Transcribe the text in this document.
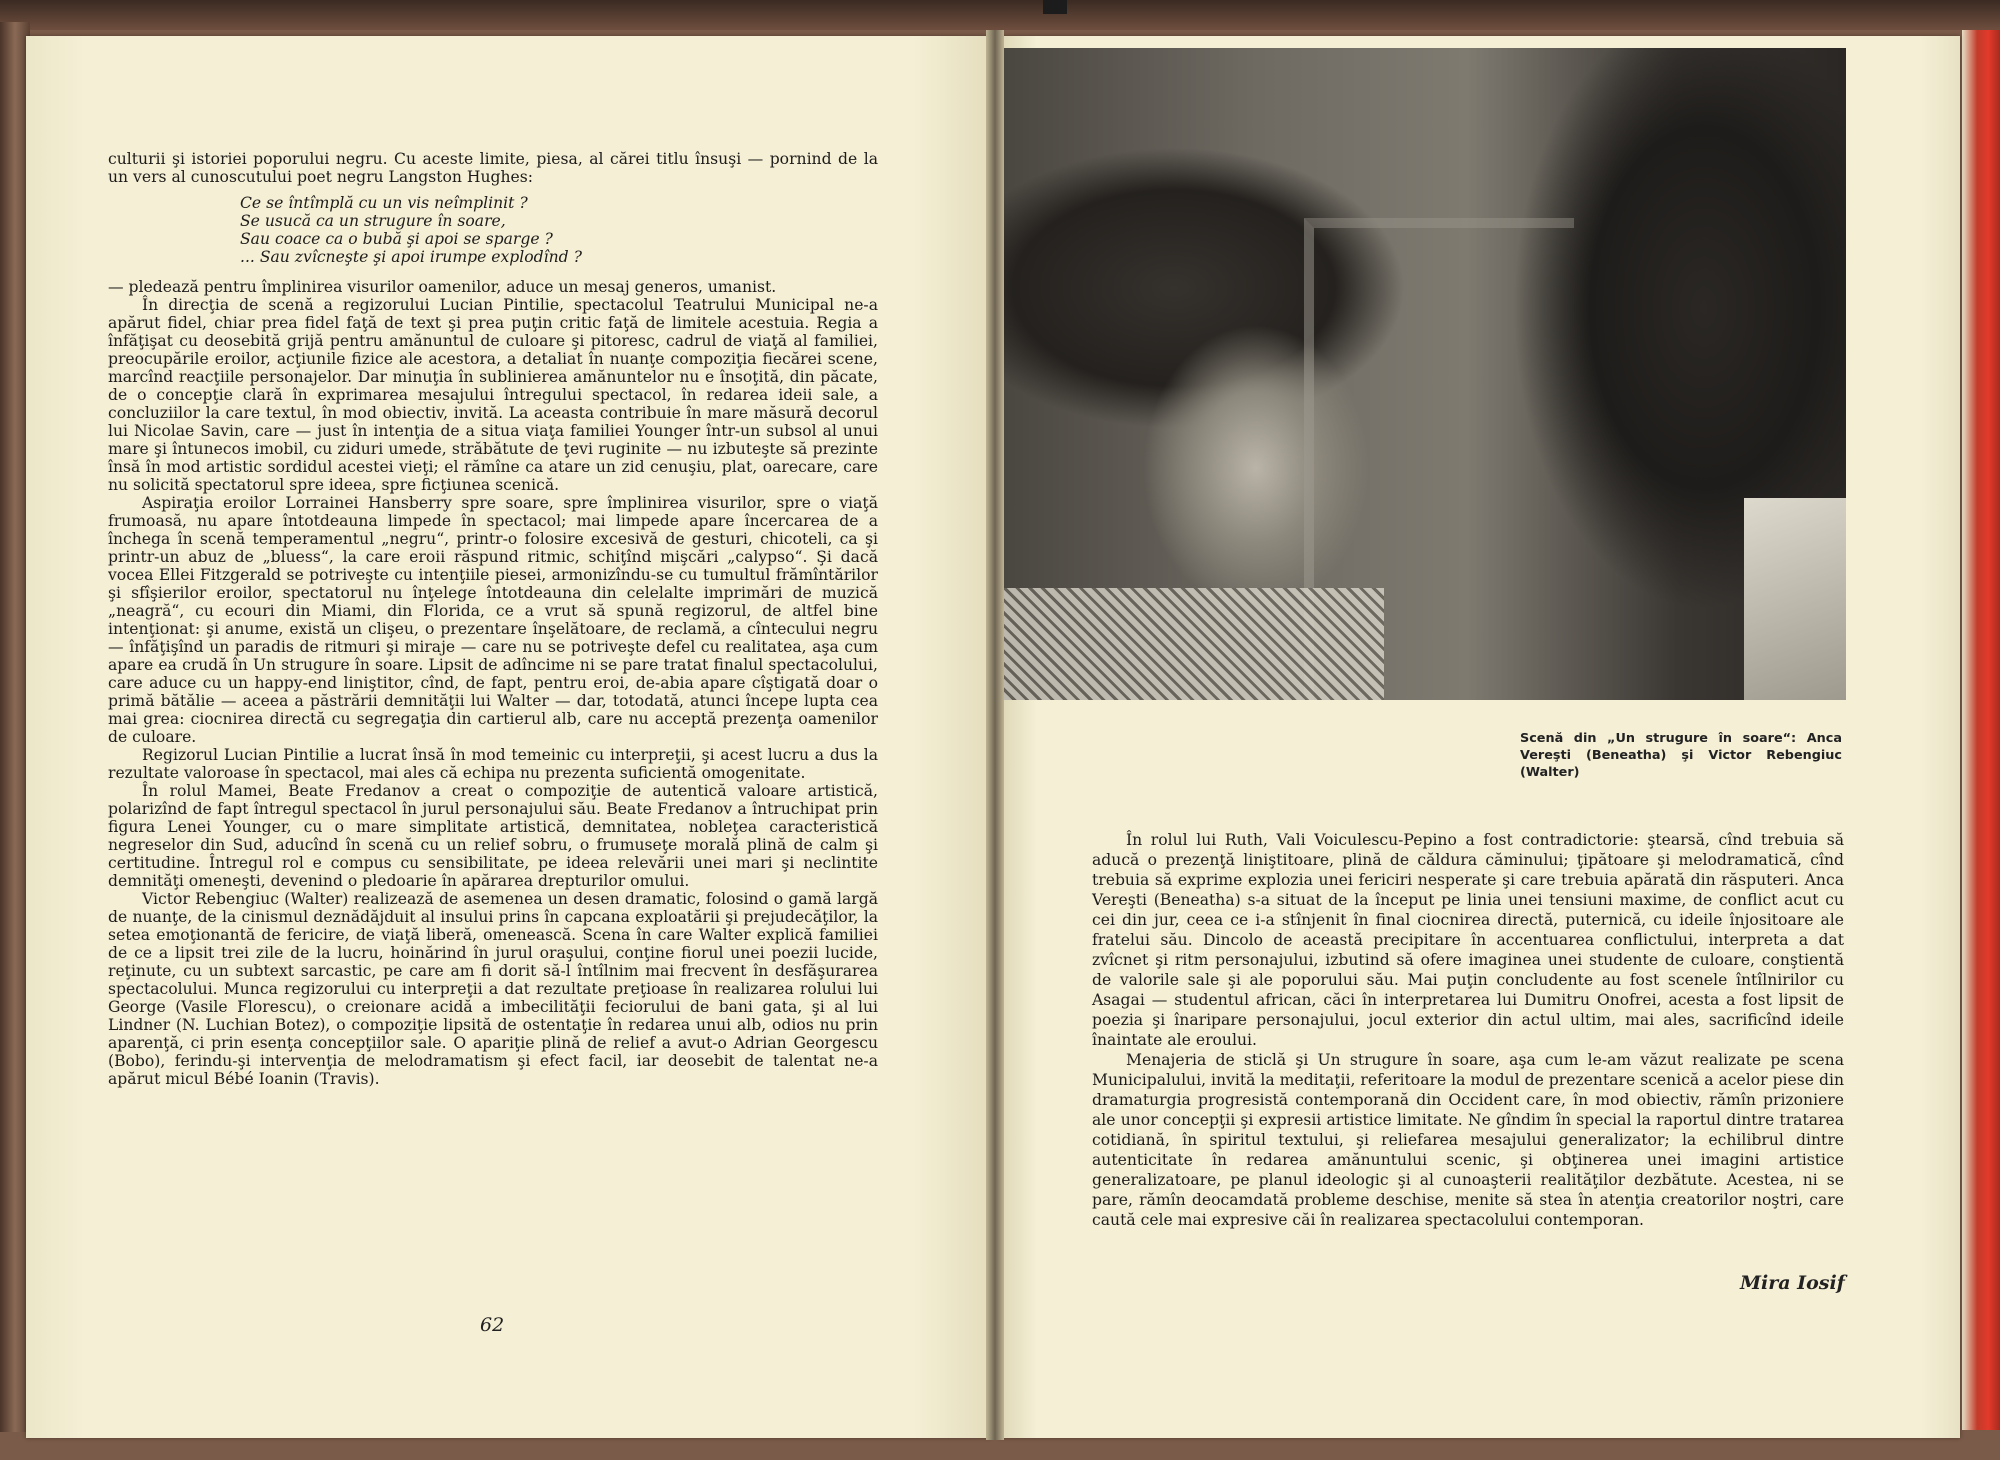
culturii şi istoriei poporului negru. Cu aceste limite, piesa, al cărei titlu însuşi — pornind de la un vers al cunoscutului poet negru Langston Hughes:

Ce se întîmplă cu un vis neîmplinit ?
Se usucă ca un strugure în soare,
Sau coace ca o bubă şi apoi se sparge ?
... Sau zvîcneşte şi apoi irumpe explodînd ?

— pledează pentru împlinirea visurilor oamenilor, aduce un mesaj generos, umanist.

În direcţia de scenă a regizorului Lucian Pintilie, spectacolul Teatrului Municipal ne-a apărut fidel, chiar prea fidel faţă de text şi prea puţin critic faţă de limitele acestuia. Regia a înfăţişat cu deosebită grijă pentru amănuntul de culoare şi pitoresc, cadrul de viaţă al familiei, preocupările eroilor, acţiunile fizice ale acestora, a detaliat în nuanţe compoziţia fiecărei scene, marcînd reacţiile personajelor. Dar minuţia în sublinierea amănuntelor nu e însoţită, din păcate, de o concepţie clară în exprimarea mesajului întregului spectacol, în redarea ideii sale, a concluziilor la care textul, în mod obiectiv, invită. La aceasta contribuie în mare măsură decorul lui Nicolae Savin, care — just în intenţia de a situa viaţa familiei Younger într-un subsol al unui mare şi întunecos imobil, cu ziduri umede, străbătute de ţevi ruginite — nu izbuteşte să prezinte însă în mod artistic sordidul acestei vieţi; el rămîne ca atare un zid cenuşiu, plat, oarecare, care nu solicită spectatorul spre ideea, spre ficţiunea scenică.

Aspiraţia eroilor Lorrainei Hansberry spre soare, spre împlinirea visurilor, spre o viaţă frumoasă, nu apare întotdeauna limpede în spectacol; mai limpede apare încercarea de a închega în scenă temperamentul „negru“, printr-o folosire excesivă de gesturi, chicoteli, ca şi printr-un abuz de „bluess“, la care eroii răspund ritmic, schiţînd mişcări „calypso“. Şi dacă vocea Ellei Fitzgerald se potriveşte cu intenţiile piesei, armonizîndu-se cu tumultul frămîntărilor şi sfîşierilor eroilor, spectatorul nu înţelege întotdeauna din celelalte imprimări de muzică „neagră“, cu ecouri din Miami, din Florida, ce a vrut să spună regizorul, de altfel bine intenţionat: şi anume, există un clişeu, o prezentare înşelătoare, de reclamă, a cîntecului negru — înfăţişînd un paradis de ritmuri şi miraje — care nu se potriveşte defel cu realitatea, aşa cum apare ea crudă în Un strugure în soare. Lipsit de adîncime ni se pare tratat finalul spectacolului, care aduce cu un happy-end liniştitor, cînd, de fapt, pentru eroi, de-abia apare cîştigată doar o primă bătălie — aceea a păstrării demnităţii lui Walter — dar, totodată, atunci începe lupta cea mai grea: ciocnirea directă cu segregaţia din cartierul alb, care nu acceptă prezenţa oamenilor de culoare.

Regizorul Lucian Pintilie a lucrat însă în mod temeinic cu interpreţii, şi acest lucru a dus la rezultate valoroase în spectacol, mai ales că echipa nu prezenta suficientă omogenitate.

În rolul Mamei, Beate Fredanov a creat o compoziţie de autentică valoare artistică, polarizînd de fapt întregul spectacol în jurul personajului său. Beate Fredanov a întruchipat prin figura Lenei Younger, cu o mare simplitate artistică, demnitatea, nobleţea caracteristică negreselor din Sud, aducînd în scenă cu un relief sobru, o frumuseţe morală plină de calm şi certitudine. Întregul rol e compus cu sensibilitate, pe ideea relevării unei mari şi neclintite demnităţi omeneşti, devenind o pledoarie în apărarea drepturilor omului.

Victor Rebengiuc (Walter) realizează de asemenea un desen dramatic, folosind o gamă largă de nuanţe, de la cinismul deznădăjduit al insului prins în capcana exploatării şi prejudecăţilor, la setea emoţionantă de fericire, de viaţă liberă, omenească. Scena în care Walter explică familiei de ce a lipsit trei zile de la lucru, hoinărind în jurul oraşului, conţine fiorul unei poezii lucide, reţinute, cu un subtext sarcastic, pe care am fi dorit să-l întîlnim mai frecvent în desfăşurarea spectacolului. Munca regizorului cu interpreţii a dat rezultate preţioase în realizarea rolului lui George (Vasile Florescu), o creionare acidă a imbecilităţii feciorului de bani gata, şi al lui Lindner (N. Luchian Botez), o compoziţie lipsită de ostentaţie în redarea unui alb, odios nu prin aparenţă, ci prin esenţa concepţiilor sale. O apariţie plină de relief a avut-o Adrian Georgescu (Bobo), ferindu-şi intervenţia de melodramatism şi efect facil, iar deosebit de talentat ne-a apărut micul Bébé Ioanin (Travis).

62
Scenă din „Un strugure în soare“: Anca Vereşti (Beneatha) şi Victor Rebengiuc (Walter)

În rolul lui Ruth, Vali Voiculescu-Pepino a fost contradictorie: ştearsă, cînd trebuia să aducă o prezenţă liniştitoare, plină de căldura căminului; ţipătoare şi melodramatică, cînd trebuia să exprime explozia unei fericiri nesperate şi care trebuia apărată din răsputeri. Anca Vereşti (Beneatha) s-a situat de la început pe linia unei tensiuni maxime, de conflict acut cu cei din jur, ceea ce i-a stînjenit în final ciocnirea directă, puternică, cu ideile înjositoare ale fratelui său. Dincolo de această precipitare în accentuarea conflictului, interpreta a dat zvîcnet şi ritm personajului, izbutind să ofere imaginea unei studente de culoare, conştientă de valorile sale şi ale poporului său. Mai puţin concludente au fost scenele întîlnirilor cu Asagai — studentul african, căci în interpretarea lui Dumitru Onofrei, acesta a fost lipsit de poezia şi înaripare personajului, jocul exterior din actul ultim, mai ales, sacrificînd ideile înaintate ale eroului.

Menajeria de sticlă şi Un strugure în soare, aşa cum le-am văzut realizate pe scena Municipalului, invită la meditaţii, referitoare la modul de prezentare scenică a acelor piese din dramaturgia progresistă contemporană din Occident care, în mod obiectiv, rămîn prizoniere ale unor concepţii şi expresii artistice limitate. Ne gîndim în special la raportul dintre tratarea cotidiană, în spiritul textului, şi reliefarea mesajului generalizator; la echilibrul dintre autenticitate în redarea amănuntului scenic, şi obţinerea unei imagini artistice generalizatoare, pe planul ideologic şi al cunoaşterii realităţilor dezbătute. Acestea, ni se pare, rămîn deocamdată probleme deschise, menite să stea în atenţia creatorilor noştri, care caută cele mai expresive căi în realizarea spectacolului contemporan.

Mira Iosif
